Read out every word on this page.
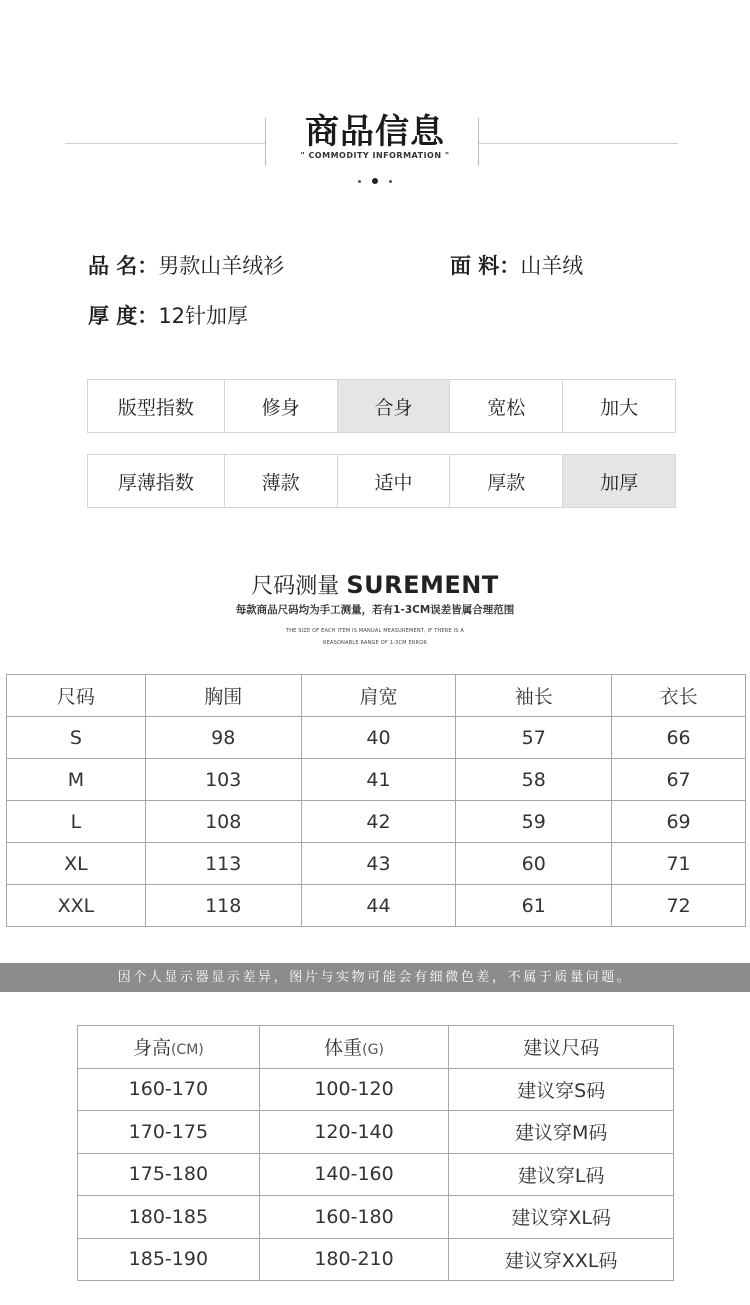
商品信息
" COMMODITY INFORMATION "
品 名：男款山羊绒衫	面 料：山羊绒
厚 度：12针加厚
版型指数	修身	合身	宽松	加大
厚薄指数	薄款	适中	厚款	加厚
尺码测量 SUREMENT
每款商品尺码均为手工测量，若有1-3CM误差皆属合理范围
THE SIZE OF EACH ITEM IS MANUAL MEASUREMENT, IF THERE IS A
REASONABLE RANGE OF 1-3CM ERROR
尺码	胸围	肩宽	袖长	衣长
S	98	40	57	66
M	103	41	58	67
L	108	42	59	69
XL	113	43	60	71
XXL	118	44	61	72
因个人显示器显示差异，图片与实物可能会有细微色差，不属于质量问题。
身高(CM)	体重(G)	建议尺码
160-170	100-120	建议穿S码
170-175	120-140	建议穿M码
175-180	140-160	建议穿L码
180-185	160-180	建议穿XL码
185-190	180-210	建议穿XXL码
